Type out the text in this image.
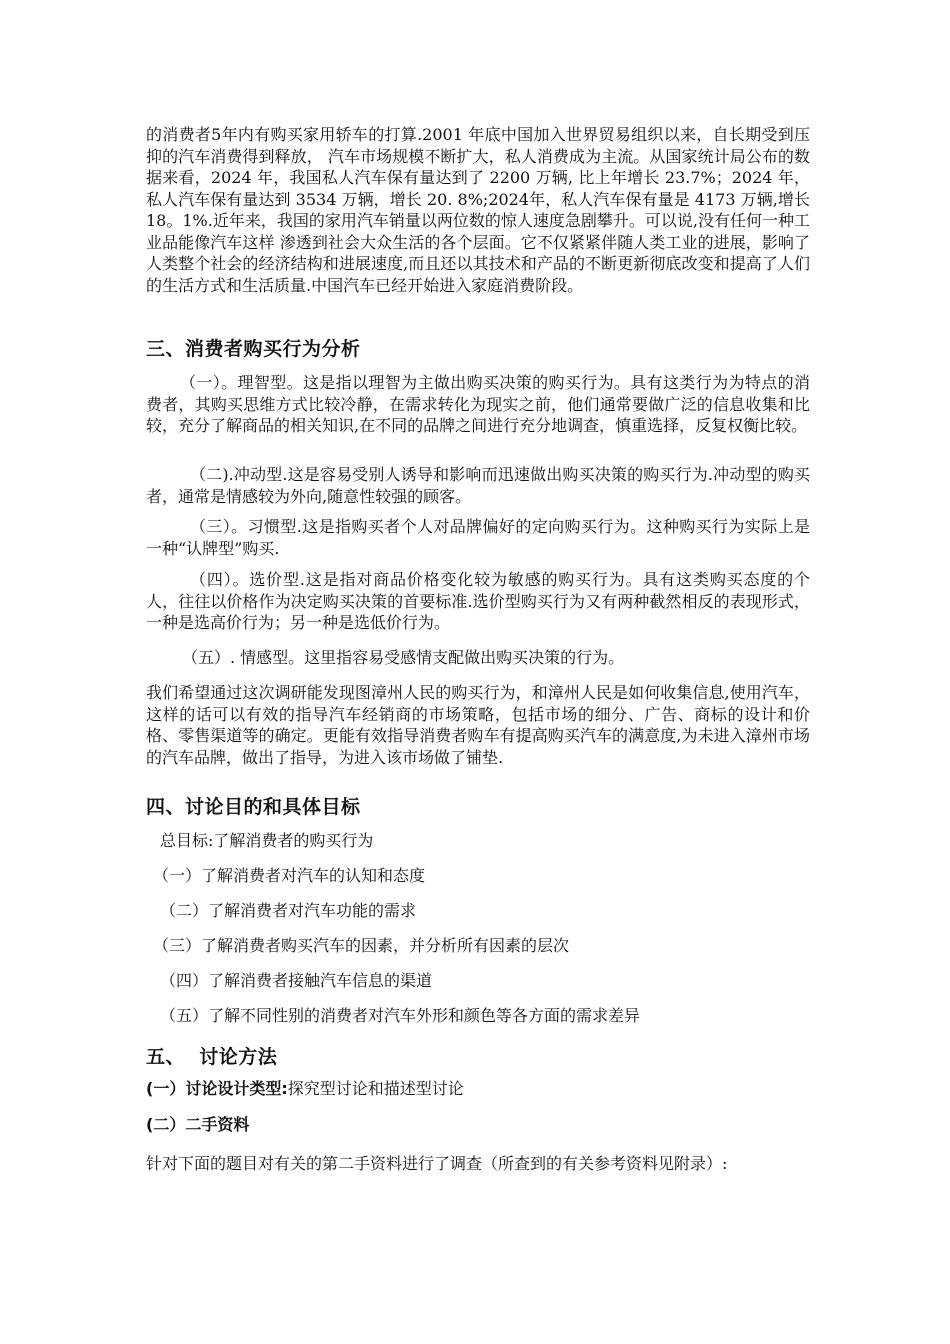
的消费者5年内有购买家用轿车的打算.2001 年底中国加入世界贸易组织以来，自长期受到压抑的汽车消费得到释放， 汽车市场规模不断扩大，私人消费成为主流。从国家统计局公布的数据来看，2024 年，我国私人汽车保有量达到了 2200 万辆, 比上年增长 23.7%；2024 年，私人汽车保有量达到 3534 万辆，增长 20. 8%;2024年，私人汽车保有量是 4173 万辆,增长 18。1%.近年来，我国的家用汽车销量以两位数的惊人速度急剧攀升。可以说,没有任何一种工业品能像汽车这样 渗透到社会大众生活的各个层面。它不仅紧紧伴随人类工业的进展，影响了人类整个社会的经济结构和进展速度,而且还以其技术和产品的不断更新彻底改变和提高了人们的生活方式和生活质量.中国汽车已经开始进入家庭消费阶段。

三、消费者购买行为分析

（一）。理智型。这是指以理智为主做出购买决策的购买行为。具有这类行为为特点的消费者，其购买思维方式比较冷静，在需求转化为现实之前，他们通常要做广泛的信息收集和比较，充分了解商品的相关知识,在不同的品牌之间进行充分地调查，慎重选择，反复权衡比较。

（二).冲动型.这是容易受别人诱导和影响而迅速做出购买决策的购买行为.冲动型的购买者，通常是情感较为外向,随意性较强的顾客。

（三）。习惯型.这是指购买者个人对品牌偏好的定向购买行为。这种购买行为实际上是一种“认牌型”购买.

（四）。选价型.这是指对商品价格变化较为敏感的购买行为。具有这类购买态度的个人，往往以价格作为决定购买决策的首要标准.选价型购买行为又有两种截然相反的表现形式，一种是选高价行为；另一种是选低价行为。

（五）. 情感型。这里指容易受感情支配做出购买决策的行为。

我们希望通过这次调研能发现图漳州人民的购买行为，和漳州人民是如何收集信息,使用汽车，这样的话可以有效的指导汽车经销商的市场策略，包括市场的细分、广告、商标的设计和价格、零售渠道等的确定。更能有效指导消费者购车有提高购买汽车的满意度,为未进入漳州市场的汽车品牌，做出了指导，为进入该市场做了铺垫.

四、讨论目的和具体目标

总目标:了解消费者的购买行为

（一）了解消费者对汽车的认知和态度

（二）了解消费者对汽车功能的需求

（三）了解消费者购买汽车的因素，并分析所有因素的层次

（四）了解消费者接触汽车信息的渠道

（五）了解不同性别的消费者对汽车外形和颜色等各方面的需求差异

五、  讨论方法

(一）讨论设计类型:探究型讨论和描述型讨论

(二）二手资料

针对下面的题目对有关的第二手资料进行了调查（所查到的有关参考资料见附录）:
